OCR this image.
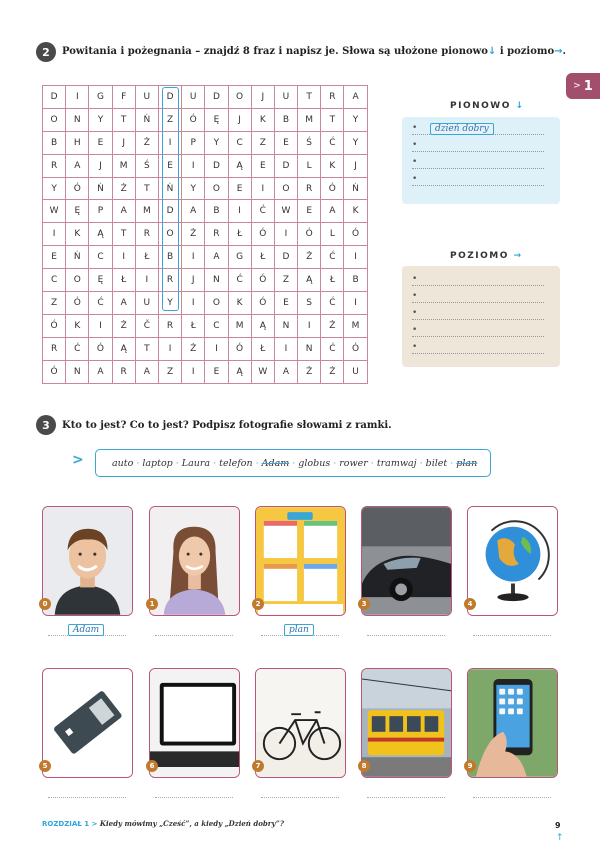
2	Powitania i pożegnania – znajdź 8 fraz i napisz je. Słowa są ułożone pionowo↓ i poziomo→.
> 1
D	I	G	F	U	D	U	D	O	J	U	T	R	A
O	N	Y	T	Ń	Z	Ó	Ę	J	K	B	M	T	Y
B	H	E	J	Ż	I	P	Y	C	Z	E	Ś	Ć	Y
R	A	J	M	Ś	E	I	D	Ą	E	D	L	K	J
Y	Ó	Ń	Ż	T	Ń	Y	O	E	I	O	R	Ó	Ń
W	Ę	P	A	M	D	A	B	I	Ć	W	E	A	K
I	K	Ą	T	R	O	Ż	R	Ł	Ó	I	Ó	L	Ó
E	Ń	C	I	Ł	B	I	A	G	Ł	D	Ż	Ć	I
C	O	Ę	Ł	I	R	J	N	Ć	Ó	Z	Ą	Ł	B
Z	Ó	Ć	A	U	Y	I	O	K	Ó	E	S	Ć	I
Ó	K	I	Ż	Č	R	Ł	C	M	Ą	N	I	Ż	M
R	Ć	Ó	Ą	T	I	Ż	I	Ó	Ł	I	N	Ć	Ó
Ó	N	A	R	A	Z	I	E	Ą	W	A	Ż	Ż	U
PIONOWO ↓
•
•
•
•
dzień dobry
POZIOMO →
•
•
•
•
•
3	Kto to jest? Co to jest? Podpisz fotografie słowami z ramki.
>	auto · laptop · Laura · telefon · Adam · globus · rower · tramwaj · bilet · plan
0	1	2	3	4
5	6	7	8	9
Adam	plan
ROZDZIAŁ 1 > Kiedy mówimy „Cześć”, a kiedy „Dzień dobry”?	9
↑
